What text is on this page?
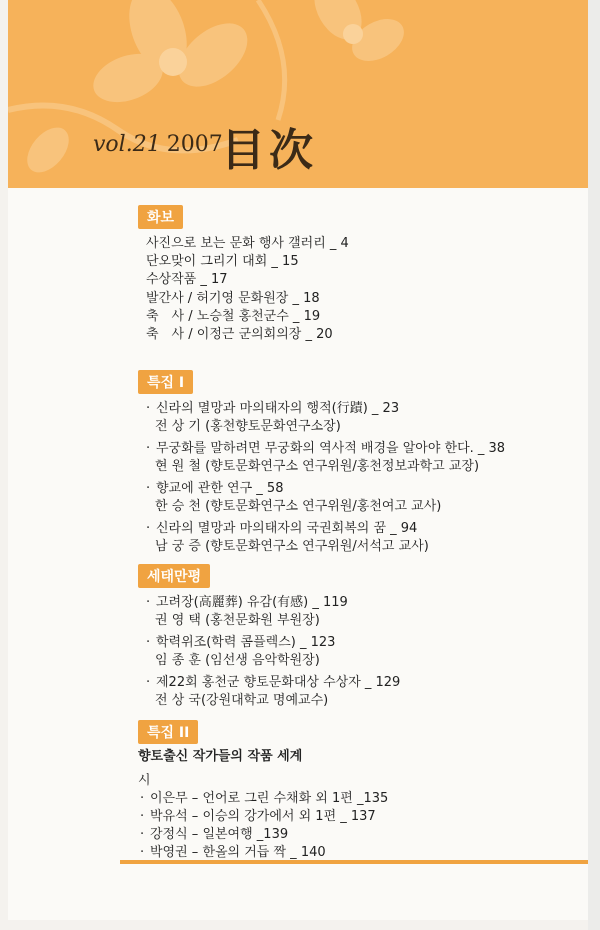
vol.21 2007
目次
화보
사진으로 보는 문화 행사 갤러리 _ 4
단오맞이 그리기 대회 _ 15
수상작품 _ 17
발간사 / 허기영 문화원장 _ 18
축　사 / 노승철 홍천군수 _ 19
축　사 / 이정근 군의회의장 _ 20
특집 I
· 신라의 멸망과 마의태자의 행적(行蹟) _ 23
전 상 기 (홍천향토문화연구소장)
· 무궁화를 말하려면 무궁화의 역사적 배경을 알아야 한다. _ 38
현 원 철 (향토문화연구소 연구위원/홍천정보과학고 교장)
· 향교에 관한 연구 _ 58
한 승 천 (향토문화연구소 연구위원/홍천여고 교사)
· 신라의 멸망과 마의태자의 국권회복의 꿈 _ 94
남 궁 증 (향토문화연구소 연구위원/서석고 교사)
세태만평
· 고려장(高麗葬) 유감(有感) _ 119
권 영 택 (홍천문화원 부원장)
· 학력위조(학력 콤플렉스) _ 123
임 종 훈 (임선생 음악학원장)
· 제22회 홍천군 향토문화대상 수상자 _ 129
전 상 국(강원대학교 명예교수)
특집 II
향토출신 작가들의 작품 세계
시
· 이은무 – 언어로 그린 수채화 외 1편 _135
· 박유석 – 이승의 강가에서 외 1편 _ 137
· 강정식 – 일본여행 _139
· 박영권 – 한올의 거듭 짝 _ 140
